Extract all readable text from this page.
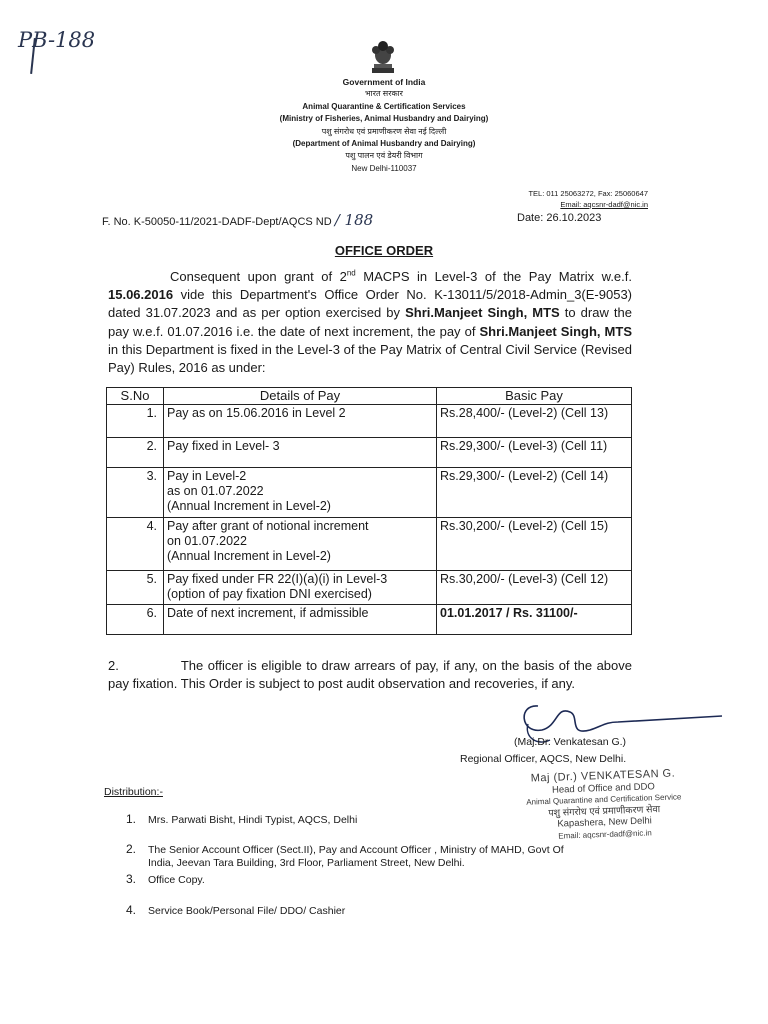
PB-188
Government of India
भारत सरकार
Animal Quarantine & Certification Services
(Ministry of Fisheries, Animal Husbandry and Dairying)
पशु संगरोध एवं प्रमाणीकरण सेवा नई दिल्ली
(Department of Animal Husbandry and Dairying)
पशु पालन एवं डेयरी विभाग
New Delhi-110037
TEL: 011 25063272, Fax: 25060647
Email: aqcsnr-dadf@nic.in
F. No. K-50050-11/2021-DADF-Dept/AQCS ND / 188	Date: 26.10.2023
OFFICE ORDER
Consequent upon grant of 2nd MACPS in Level-3 of the Pay Matrix w.e.f. 15.06.2016 vide this Department's Office Order No. K-13011/5/2018-Admin_3(E-9053) dated 31.07.2023 and as per option exercised by Shri.Manjeet Singh, MTS to draw the pay w.e.f. 01.07.2016 i.e. the date of next increment, the pay of Shri.Manjeet Singh, MTS in this Department is fixed in the Level-3 of the Pay Matrix of Central Civil Service (Revised Pay) Rules, 2016 as under:
S.No	Details of Pay	Basic Pay
1.	Pay as on 15.06.2016 in Level 2	Rs.28,400/- (Level-2) (Cell 13)
2.	Pay fixed in Level- 3	Rs.29,300/- (Level-3) (Cell 11)
3.	Pay in Level-2
as on 01.07.2022
(Annual Increment in Level-2)	Rs.29,300/- (Level-2) (Cell 14)
4.	Pay after grant of notional increment
on 01.07.2022
(Annual Increment in Level-2)	Rs.30,200/- (Level-2) (Cell 15)
5.	Pay fixed under FR 22(I)(a)(i) in Level-3
(option of pay fixation DNI exercised)	Rs.30,200/- (Level-3) (Cell 12)
6.	Date of next increment, if admissible	01.01.2017 / Rs. 31100/-
2.	The officer is eligible to draw arrears of pay, if any, on the basis of the above pay fixation. This Order is subject to post audit observation and recoveries, if any.
(Maj.Dr. Venkatesan G.)
Regional Officer, AQCS, New Delhi.
Maj (Dr.) VENKATESAN G.
Head of Office and DDO
Animal Quarantine and Certification Service
पशु संगरोध एवं प्रमाणीकरण सेवा
Kapashera, New Delhi
Email: aqcsnr-dadf@nic.in
Distribution:-
1. Mrs. Parwati Bisht, Hindi Typist, AQCS, Delhi
2. The Senior Account Officer (Sect.II), Pay and Account Officer , Ministry of MAHD, Govt Of
India, Jeevan Tara Building, 3rd Floor, Parliament Street, New Delhi.
3. Office Copy.
4. Service Book/Personal File/ DDO/ Cashier
